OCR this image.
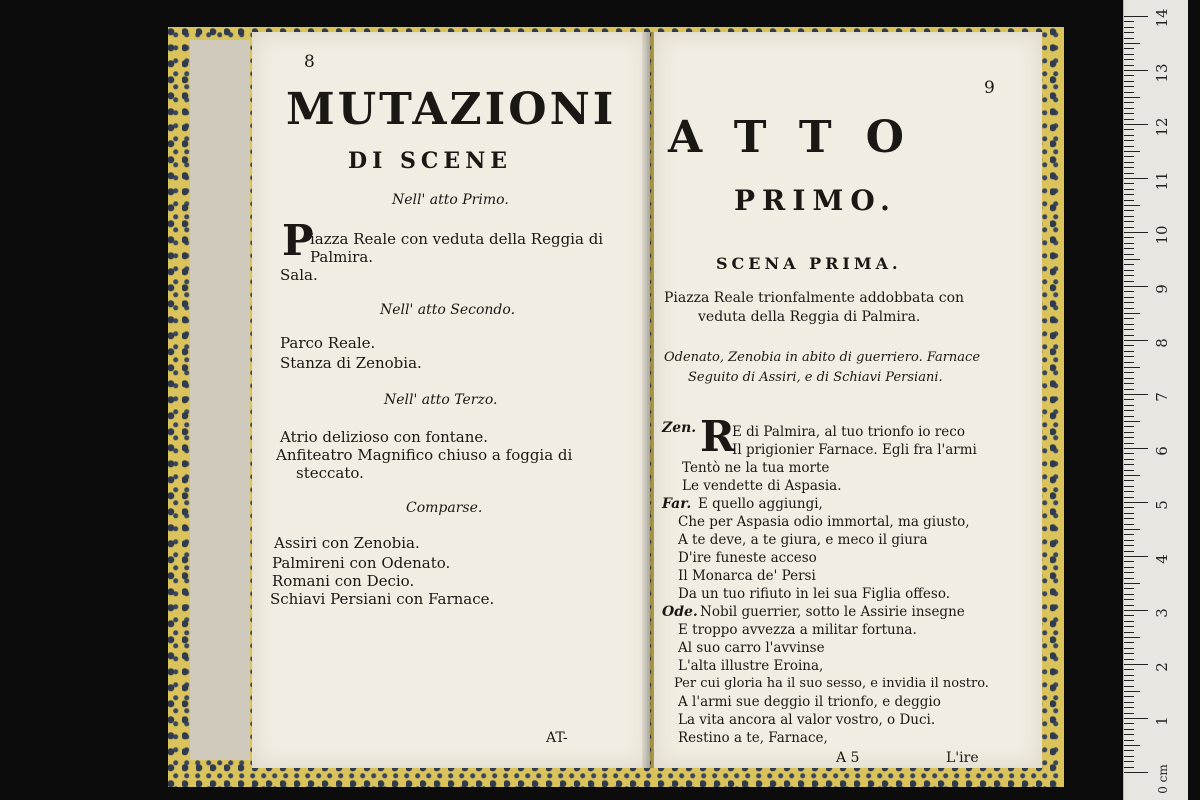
8
MUTAZIONI
DI SCENE
Nell' atto Primo.
P
iazza Reale con veduta della Reggia di
Palmira.
Sala.
Nell' atto Secondo.
Parco Reale.
Stanza di Zenobia.
Nell' atto Terzo.
Atrio delizioso con fontane.
Anfiteatro Magnifico chiuso a foggia di
steccato.
Comparse.
Assiri con Zenobia.
Palmireni con Odenato.
Romani con Decio.
Schiavi Persiani con Farnace.
AT-
9
ATTO
PRIMO.
SCENA PRIMA.
Piazza Reale trionfalmente addobbata con
veduta della Reggia di Palmira.
Odenato, Zenobia in abito di guerriero. Farnace
Seguito di Assiri, e di Schiavi Persiani.
Zen. R
E di Palmira, al tuo trionfo io reco
Il prigionier Farnace. Egli fra l'armi
Tentò ne la tua morte
Le vendette di Aspasia.
Far. E quello aggiungi,
Che per Aspasia odio immortal, ma giusto,
A te deve, a te giura, e meco il giura
D'ire funeste acceso
Il Monarca de' Persi
Da un tuo rifiuto in lei sua Figlia offeso.
Ode. Nobil guerrier, sotto le Assirie insegne
E troppo avvezza a militar fortuna.
Al suo carro l'avvinse
L'alta illustre Eroina,
Per cui gloria ha il suo sesso, e invidia il nostro.
A l'armi sue deggio il trionfo, e deggio
La vita ancora al valor vostro, o Duci.
Restino a te, Farnace,
A 5	L'ire
14
13
12
11
10
9
8
7
6
5
4
3
2
1
0 cm
